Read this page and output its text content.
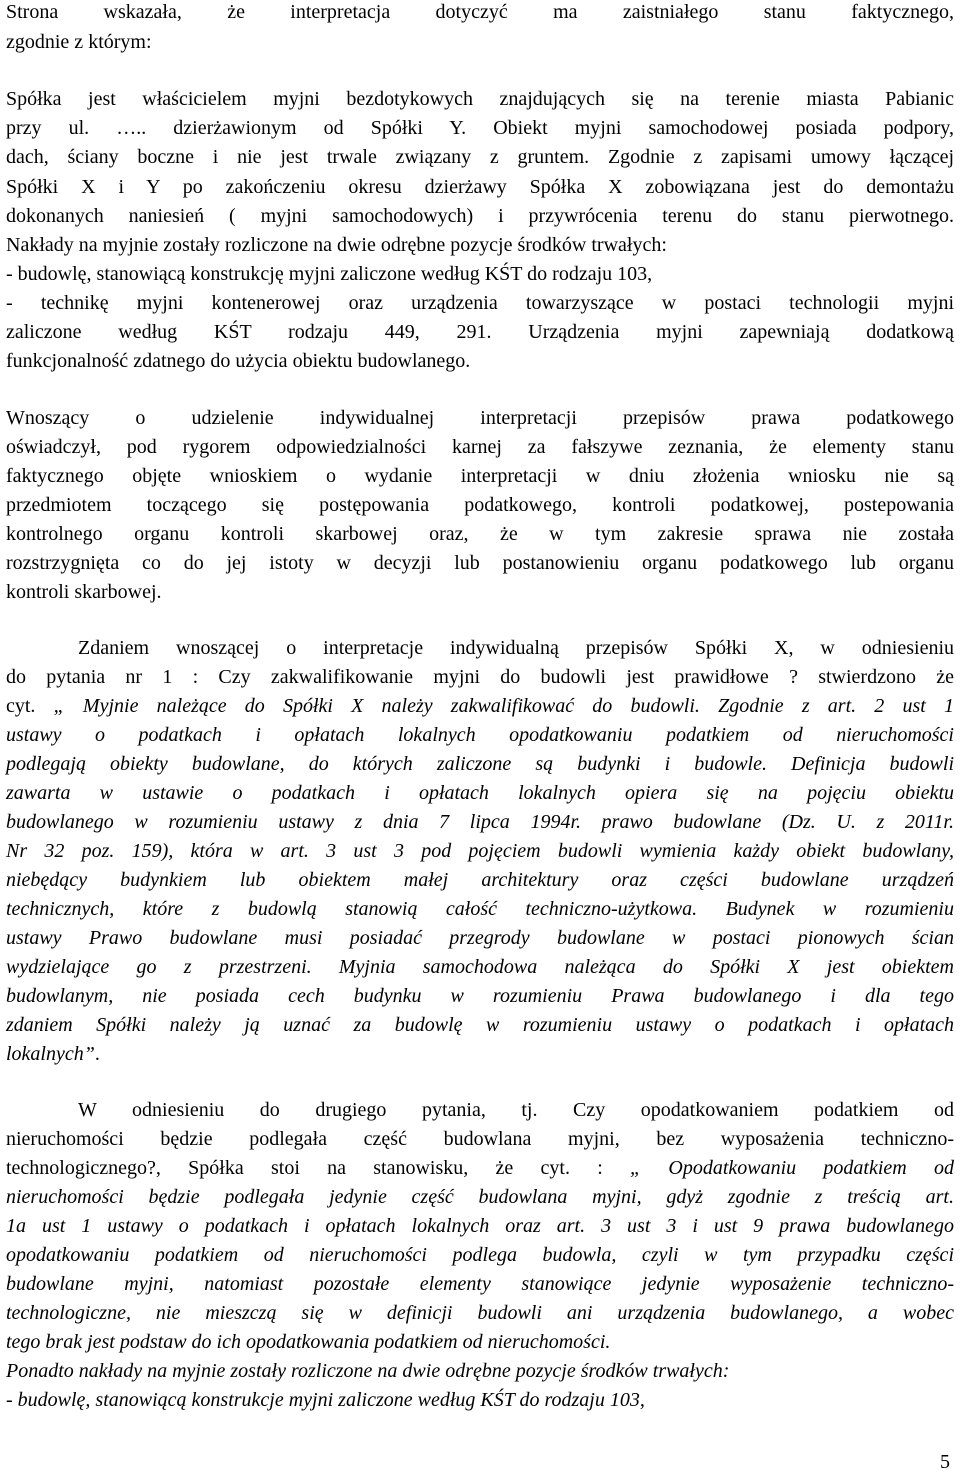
Strona wskazała, że interpretacja dotyczyć ma zaistniałego stanu faktycznego,
zgodnie z którym:
Spółka jest właścicielem myjni bezdotykowych znajdujących się na terenie miasta Pabianic
przy ul. ….. dzierżawionym od Spółki Y. Obiekt myjni samochodowej posiada podpory,
dach, ściany boczne i nie jest trwale związany z gruntem. Zgodnie z zapisami umowy łączącej
Spółki X i Y po zakończeniu okresu dzierżawy Spółka X zobowiązana jest do demontażu
dokonanych naniesień ( myjni samochodowych) i przywrócenia terenu do stanu pierwotnego.
Nakłady na myjnie zostały rozliczone na dwie odrębne pozycje środków trwałych:
- budowlę, stanowiącą konstrukcję myjni zaliczone według KŚT do rodzaju 103,
- technikę myjni kontenerowej oraz urządzenia towarzyszące w postaci technologii myjni
zaliczone według KŚT rodzaju 449, 291. Urządzenia myjni zapewniają dodatkową
funkcjonalność zdatnego do użycia obiektu budowlanego.
Wnoszący o udzielenie indywidualnej interpretacji przepisów prawa podatkowego
oświadczył, pod rygorem odpowiedzialności karnej za fałszywe zeznania, że elementy stanu
faktycznego objęte wnioskiem o wydanie interpretacji w dniu złożenia wniosku nie są
przedmiotem toczącego się postępowania podatkowego, kontroli podatkowej, postepowania
kontrolnego organu kontroli skarbowej oraz, że w tym zakresie sprawa nie została
rozstrzygnięta co do jej istoty w decyzji lub postanowieniu organu podatkowego lub organu
kontroli skarbowej.
Zdaniem wnoszącej o interpretacje indywidualną przepisów Spółki X, w odniesieniu
do pytania nr 1 : Czy zakwalifikowanie myjni do budowli jest prawidłowe ? stwierdzono że
cyt. „ Myjnie należące do Spółki X należy zakwalifikować do budowli. Zgodnie z art. 2 ust 1
ustawy o podatkach i opłatach lokalnych opodatkowaniu podatkiem od nieruchomości
podlegają obiekty budowlane, do których zaliczone są budynki i budowle. Definicja budowli
zawarta w ustawie o podatkach i opłatach lokalnych opiera się na pojęciu obiektu
budowlanego w rozumieniu ustawy z dnia 7 lipca 1994r. prawo budowlane (Dz. U. z 2011r.
Nr 32 poz. 159), która w art. 3 ust 3 pod pojęciem budowli wymienia każdy obiekt budowlany,
niebędący budynkiem lub obiektem małej architektury oraz części budowlane urządzeń
technicznych, które z budowlą stanowią całość techniczno-użytkowa. Budynek w rozumieniu
ustawy Prawo budowlane musi posiadać przegrody budowlane w postaci pionowych ścian
wydzielające go z przestrzeni. Myjnia samochodowa należąca do Spółki X jest obiektem
budowlanym, nie posiada cech budynku w rozumieniu Prawa budowlanego i dla tego
zdaniem Spółki należy ją uznać za budowlę w rozumieniu ustawy o podatkach i opłatach
lokalnych”.
W odniesieniu do drugiego pytania, tj. Czy opodatkowaniem podatkiem od
nieruchomości będzie podlegała część budowlana myjni, bez wyposażenia techniczno-
technologicznego?, Spółka stoi na stanowisku, że cyt. : „ Opodatkowaniu podatkiem od
nieruchomości będzie podlegała jedynie część budowlana myjni, gdyż zgodnie z treścią art.
1a ust 1 ustawy o podatkach i opłatach lokalnych oraz art. 3 ust 3 i ust 9 prawa budowlanego
opodatkowaniu podatkiem od nieruchomości podlega budowla, czyli w tym przypadku części
budowlane myjni, natomiast pozostałe elementy stanowiące jedynie wyposażenie techniczno-
technologiczne, nie mieszczą się w definicji budowli ani urządzenia budowlanego, a wobec
tego brak jest podstaw do ich opodatkowania podatkiem od nieruchomości.
Ponadto nakłady na myjnie zostały rozliczone na dwie odrębne pozycje środków trwałych:
- budowlę, stanowiącą konstrukcje myjni zaliczone według KŚT do rodzaju 103,
5
